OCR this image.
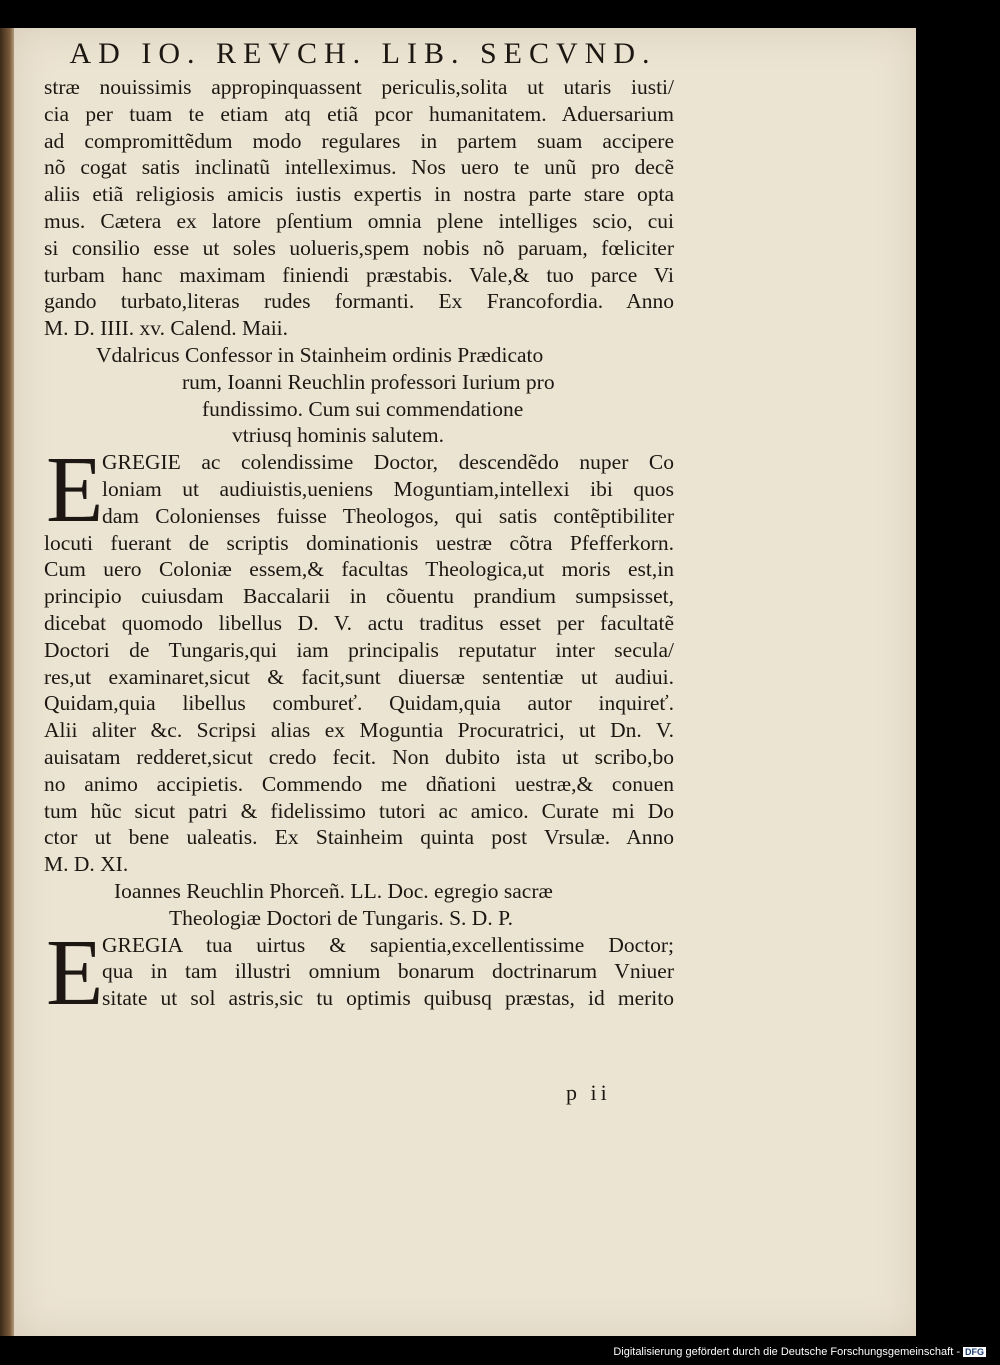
AD IO. REVCH. LIB. SECVND.
stræ nouissimis appropinquassent periculis,solita ut utaris iusti/
cia per tuam te etiam atq etiã pcor humanitatem. Aduersarium
ad compromittẽdum modo regulares in partem suam accipere
nõ cogat satis inclinatũ intelleximus. Nos uero te unũ pro decẽ
aliis etiã religiosis amicis iustis expertis in nostra parte stare opta
mus. Cætera ex latore pſentium omnia plene intelliges scio, cui
si consilio esse ut soles uolueris,spem nobis nõ paruam, fœliciter
turbam hanc maximam finiendi præstabis. Vale,& tuo parce Vi
gando turbato,literas rudes formanti. Ex Francofordia. Anno
M. D. IIII. xv. Calend. Maii.
Vdalricus Confessor in Stainheim ordinis Prædicato
rum, Ioanni Reuchlin professori Iurium pro
fundissimo. Cum sui commendatione
vtriusq hominis salutem.
E
GREGIE ac colendissime Doctor, descendẽdo nuper Co
loniam ut audiuistis,ueniens Moguntiam,intellexi ibi quos
dam Colonienses fuisse Theologos, qui satis contẽptibiliter
locuti fuerant de scriptis dominationis uestræ cõtra Pfefferkorn.
Cum uero Coloniæ essem,& facultas Theologica,ut moris est,in
principio cuiusdam Baccalarii in cõuentu prandium sumpsisset,
dicebat quomodo libellus D. V. actu traditus esset per facultatẽ
Doctori de Tungaris,qui iam principalis reputatur inter secula/
res,ut examinaret,sicut & facit,sunt diuersæ sententiæ ut audiui.
Quidam,quia libellus combureť. Quidam,quia autor inquireť.
Alii aliter &c. Scripsi alias ex Moguntia Procuratrici, ut Dn. V.
auisatam redderet,sicut credo fecit. Non dubito ista ut scribo,bo
no animo accipietis. Commendo me dñationi uestræ,& conuen
tum hũc sicut patri & fidelissimo tutori ac amico. Curate mi Do
ctor ut bene ualeatis. Ex Stainheim quinta post Vrsulæ. Anno
M. D. XI.
Ioannes Reuchlin Phorceñ. LL. Doc. egregio sacræ
Theologiæ Doctori de Tungaris. S. D. P.
E
GREGIA tua uirtus & sapientia,excellentissime Doctor;
qua in tam illustri omnium bonarum doctrinarum Vniuer
sitate ut sol astris,sic tu optimis quibusq præstas, id merito
p ii
Digitalisierung gefördert durch die Deutsche Forschungsgemeinschaft - DFG
